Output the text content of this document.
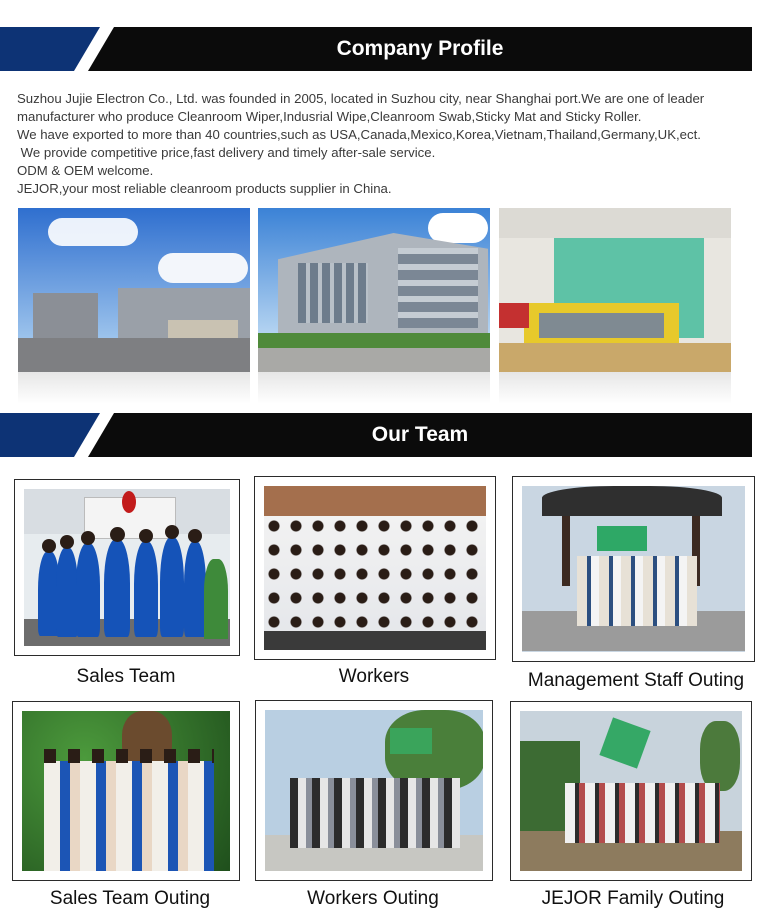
Company Profile
Suzhou Jujie Electron Co., Ltd. was founded in 2005, located in Suzhou city, near Shanghai port.We are one of leader
manufacturer who produce Cleanroom Wiper,Indusrial Wipe,Cleanroom Swab,Sticky Mat and Sticky Roller.
We have exported to more than 40 countries,such as USA,Canada,Mexico,Korea,Vietnam,Thailand,Germany,UK,ect.
We provide competitive price,fast delivery and timely after-sale service.
ODM & OEM welcome.
JEJOR,your most reliable cleanroom products supplier in China.
Our Team
Sales Team	Workers	Management Staff Outing
Sales Team Outing	Workers Outing	JEJOR Family Outing
